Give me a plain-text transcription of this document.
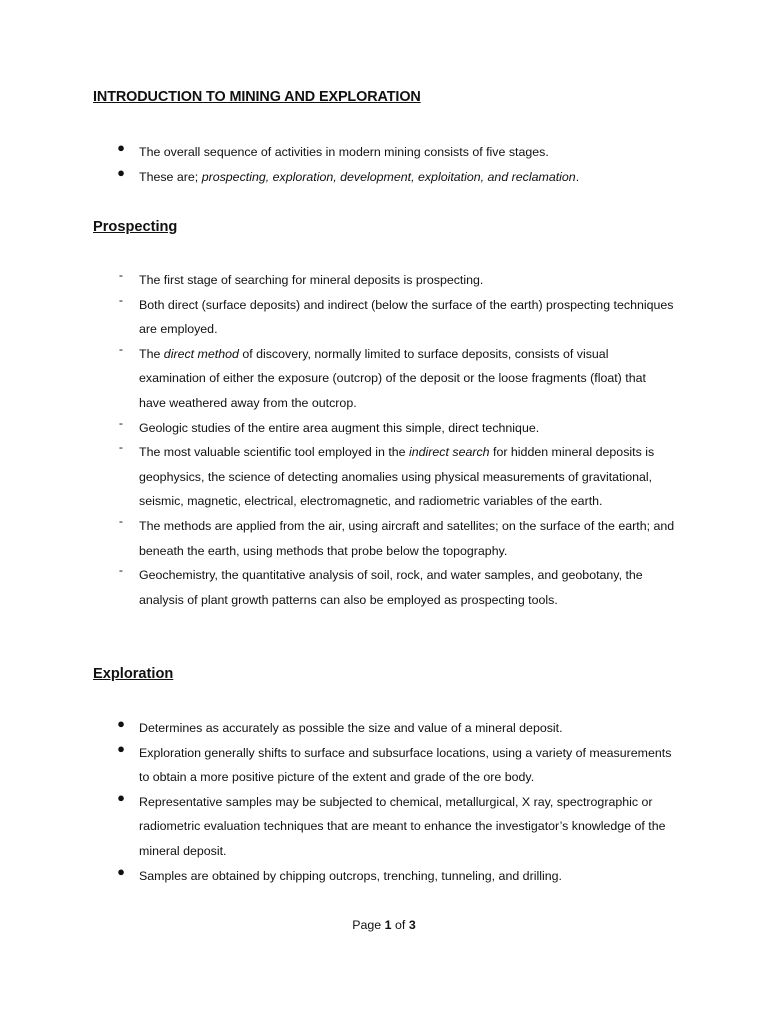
INTRODUCTION TO MINING AND EXPLORATION
● The overall sequence of activities in modern mining consists of five stages.
● These are; prospecting, exploration, development, exploitation, and reclamation.
Prospecting
-	The first stage of searching for mineral deposits is prospecting.
-	Both direct (surface deposits) and indirect (below the surface of the earth) prospecting techniques are employed.
-	The direct method of discovery, normally limited to surface deposits, consists of visual examination of either the exposure (outcrop) of the deposit or the loose fragments (float) that have weathered away from the outcrop.
-	Geologic studies of the entire area augment this simple, direct technique.
-	The most valuable scientific tool employed in the indirect search for hidden mineral deposits is geophysics, the science of detecting anomalies using physical measurements of gravitational, seismic, magnetic, electrical, electromagnetic, and radiometric variables of the earth.
-	The methods are applied from the air, using aircraft and satellites; on the surface of the earth; and beneath the earth, using methods that probe below the topography.
-	Geochemistry, the quantitative analysis of soil, rock, and water samples, and geobotany, the analysis of plant growth patterns can also be employed as prospecting tools.
Exploration
● Determines as accurately as possible the size and value of a mineral deposit.
● Exploration generally shifts to surface and subsurface locations, using a variety of measurements to obtain a more positive picture of the extent and grade of the ore body.
● Representative samples may be subjected to chemical, metallurgical, X ray, spectrographic or radiometric evaluation techniques that are meant to enhance the investigator’s knowledge of the mineral deposit.
● Samples are obtained by chipping outcrops, trenching, tunneling, and drilling.
Page 1 of 3
